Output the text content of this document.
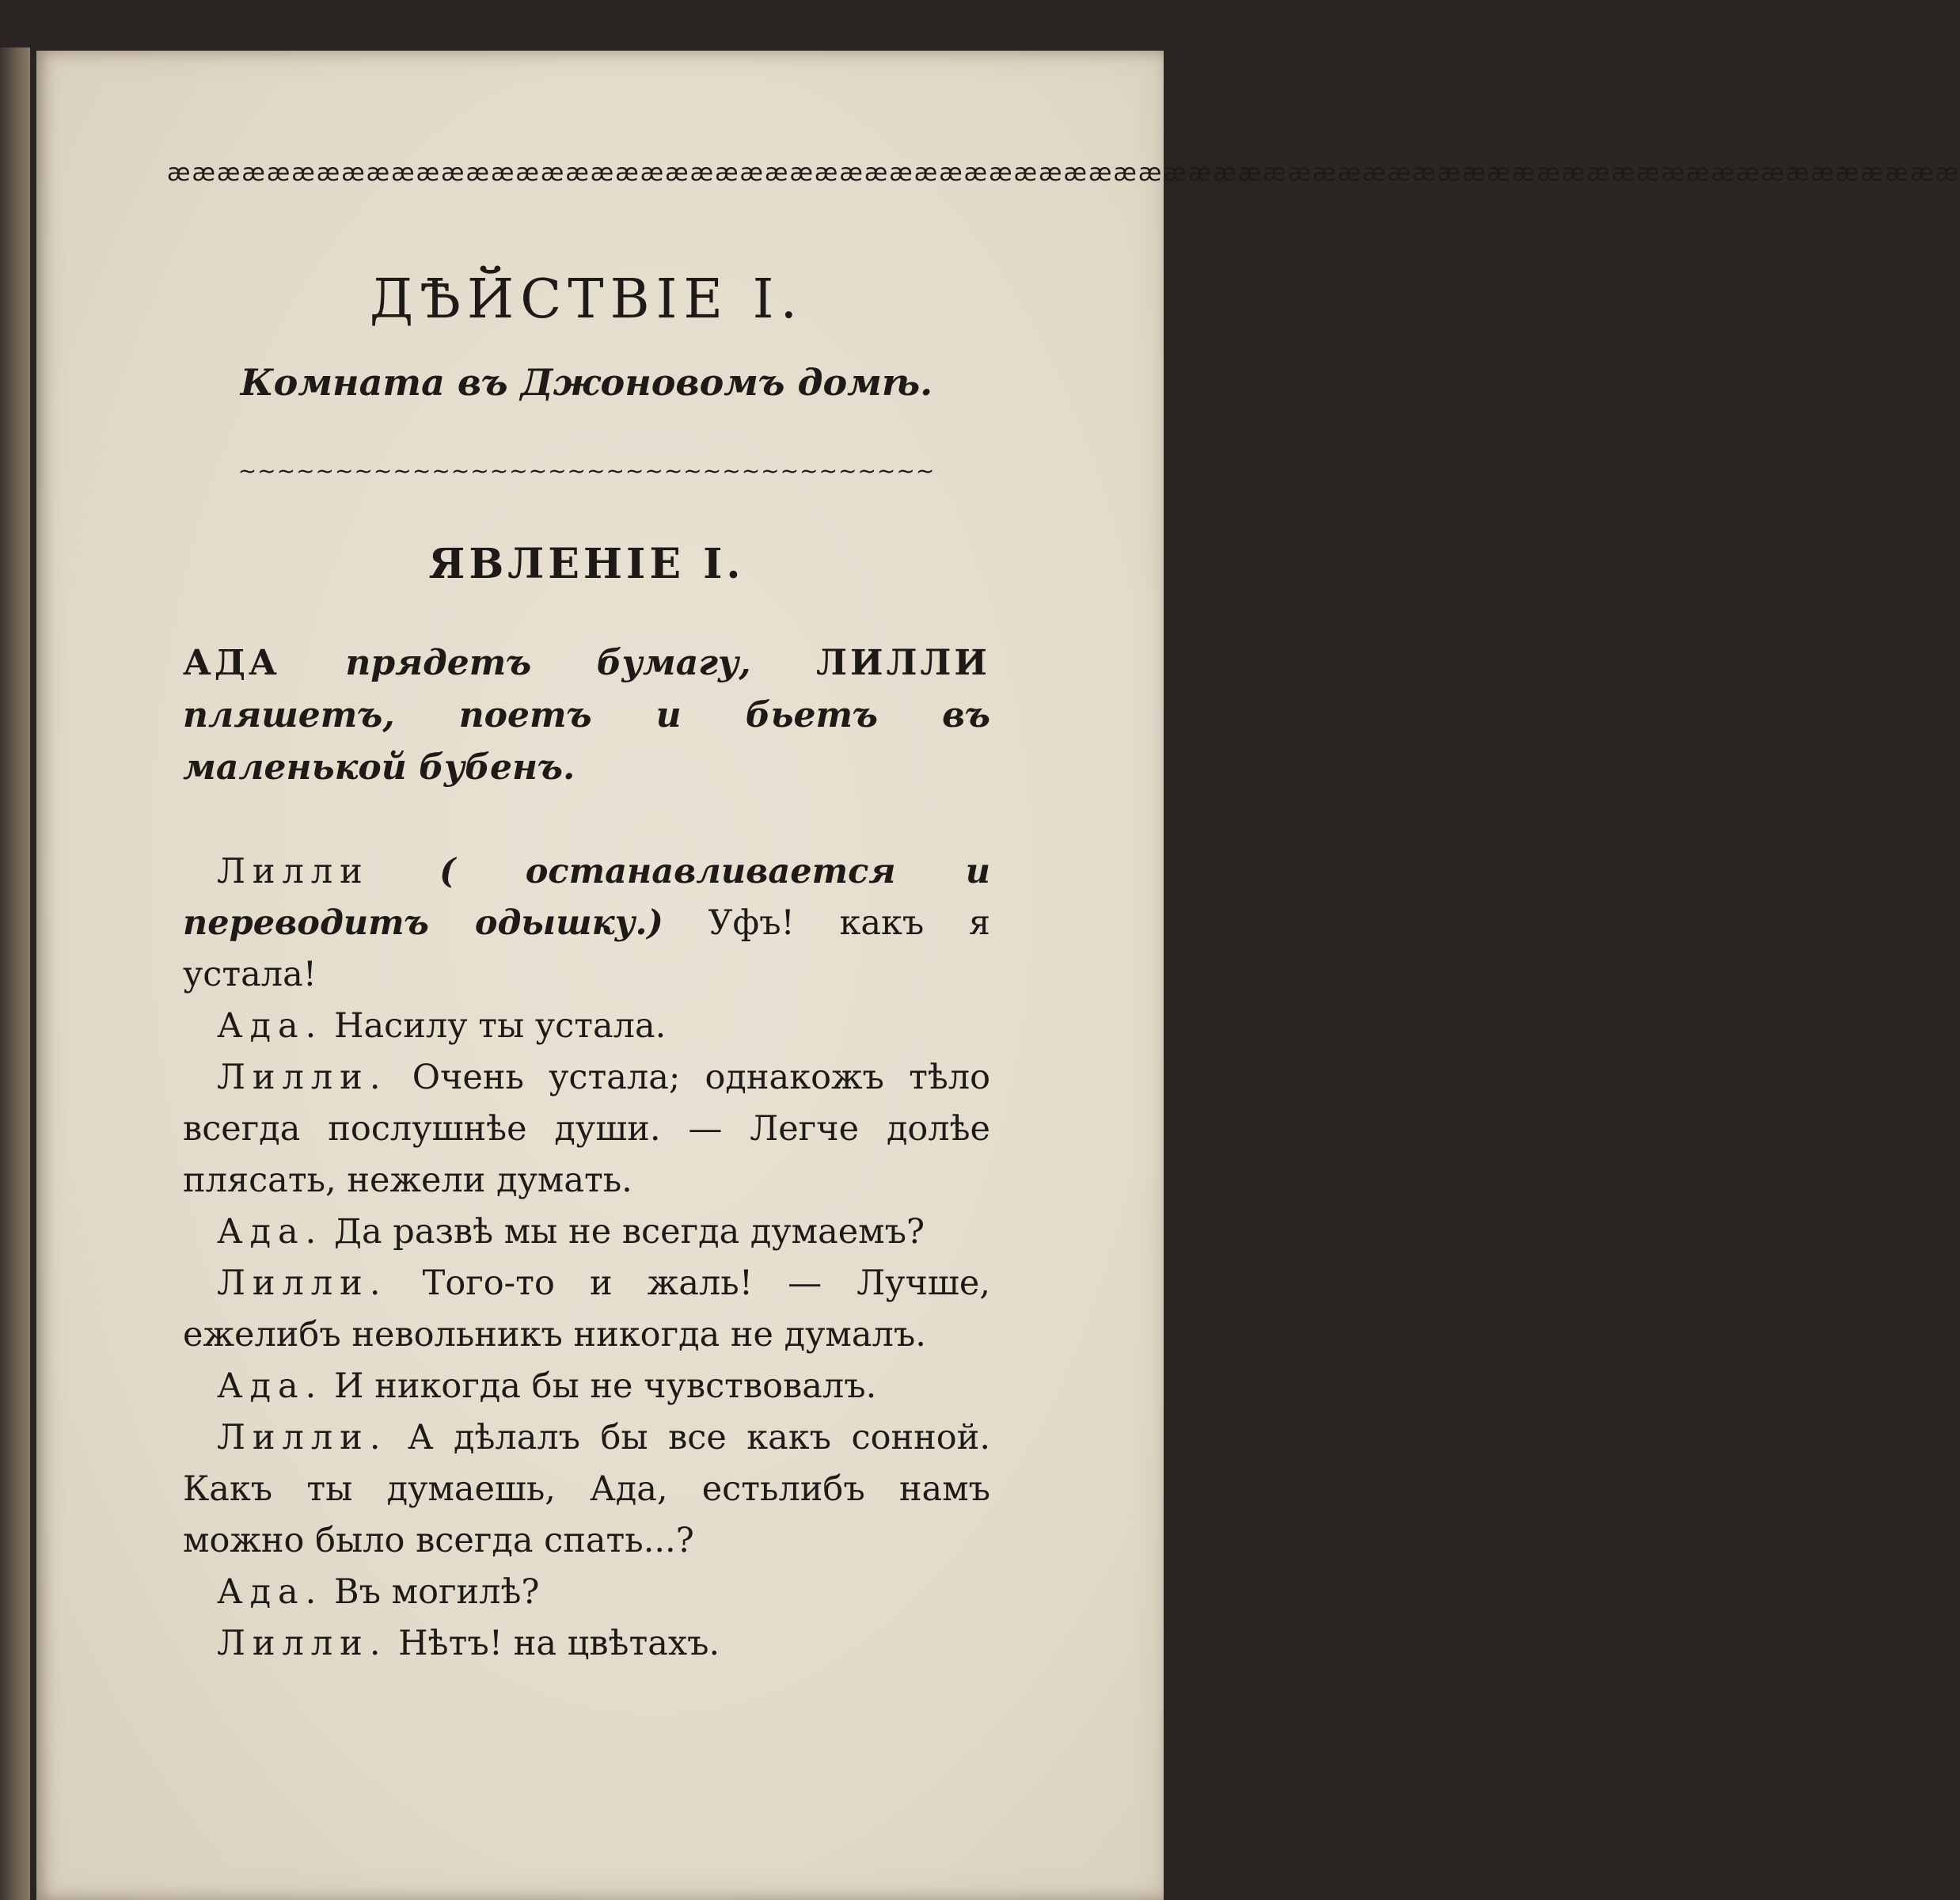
ææææææææææææææææææææææææææææææææææææææææææææææææææææææææææææææææææææææææ
ДѢЙСТВІЕ I.
Комната въ Джоновомъ домѣ.
~~~~~~~~~~~~~~~~~~~~~~~~~~~~~~~~~~~~
ЯВЛЕНІЕ I.

АДА прядетъ бумагу, ЛИЛЛИ пляшетъ, поетъ и бьетъ въ маленькой бубенъ.

 Лилли ( останавливается и переводитъ одышку.) Уфъ! какъ я устала!

 Ада. Насилу ты устала.

 Лилли. Очень устала; однакожъ тѣло всегда послушнѣе души. — Легче долѣе плясать, нежели думать.

 Ада. Да развѣ мы не всегда думаемъ?

 Лилли. Того-то и жаль! — Лучше, ежелибъ невольникъ никогда не думалъ.

 Ада. И никогда бы не чувствовалъ.

 Лилли. А дѣлалъ бы все какъ сонной. Какъ ты думаешь, Ада, естьлибъ намъ можно было всегда спать...?

 Ада. Въ могилѣ?

 Лилли. Нѣтъ! на цвѣтахъ.
